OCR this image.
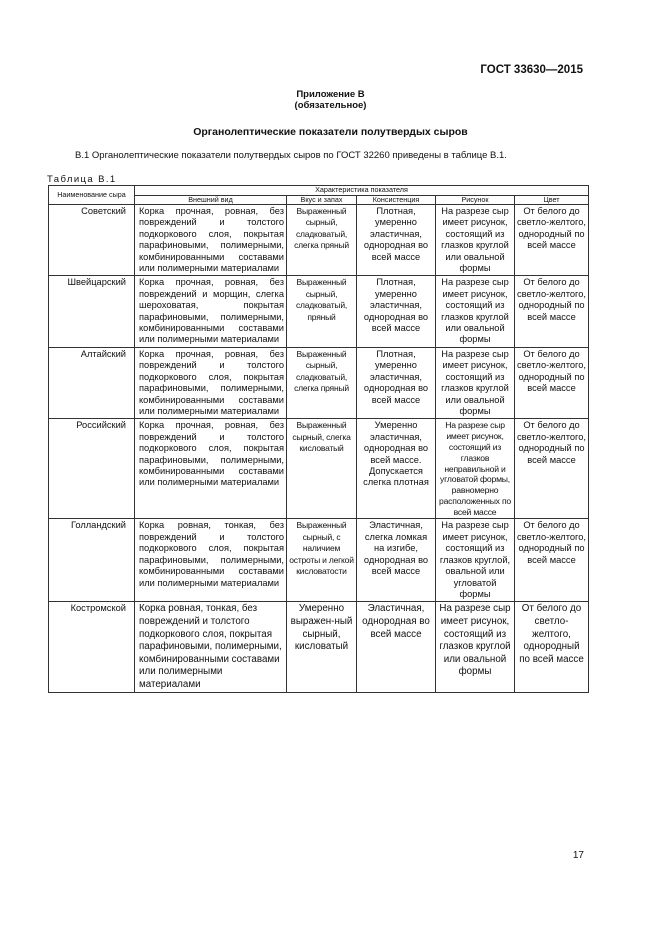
ГОСТ 33630—2015
Приложение В
(обязательное)
Органолептические показатели полутвердых сыров
В.1 Органолептические показатели полутвердых сыров по ГОСТ 32260 приведены в таблице В.1.
Таблица В.1
Наименование сыра	Характеристика показателя				
	Внешний вид	Вкус и запах	Консистенция	Рисунок	Цвет
Советский	Корка прочная, ровная, без повреждений и толстого подкоркового слоя, покрытая парафиновыми, полимерными, комбинированными составами или полимерными материалами	Выраженный сырный, сладковатый, слегка пряный	Плотная, умеренно эластичная, однородная во всей массе	На разрезе сыр имеет рисунок, состоящий из глазков круглой или овальной формы	От белого до светло-желтого, однородный по всей массе
Швейцарский	Корка прочная, ровная, без повреждений и морщин, слегка шероховатая, покрытая парафиновыми, полимерными, комбинированными составами или полимерными материалами	Выраженный сырный, сладковатый, пряный	Плотная, умеренно эластичная, однородная во всей массе	На разрезе сыр имеет рисунок, состоящий из глазков круглой или овальной формы	От белого до светло-желтого, однородный по всей массе
Алтайский	Корка прочная, ровная, без повреждений и толстого подкоркового слоя, покрытая парафиновыми, полимерными, комбинированными составами или полимерными материалами	Выраженный сырный, сладковатый, слегка пряный	Плотная, умеренно эластичная, однородная во всей массе	На разрезе сыр имеет рисунок, состоящий из глазков круглой или овальной формы	От белого до светло-желтого, однородный по всей массе
Российский	Корка прочная, ровная, без повреждений и толстого подкоркового слоя, покрытая парафиновыми, полимерными, комбинированными составами или полимерными материалами	Выраженный сырный, слегка кисловатый	Умеренно эластичная, однородная во всей массе. Допускается слегка плотная	На разрезе сыр имеет рисунок, состоящий из глазков неправильной и угловатой формы, равномерно расположенных по всей массе	От белого до светло-желтого, однородный по всей массе
Голландский	Корка ровная, тонкая, без повреждений и толстого подкоркового слоя, покрытая парафиновыми, полимерными, комбинированными составами или полимерными материалами	Выраженный сырный, с наличием остроты и легкой кисловатости	Эластичная, слегка ломкая на изгибе, однородная во всей массе	На разрезе сыр имеет рисунок, состоящий из глазков круглой, овальной или угловатой формы	От белого до светло-желтого, однородный по всей массе
Костромской	Корка ровная, тонкая, без повреждений и толстого подкоркового слоя, покрытая парафиновыми, полимерными, комбинированными составами или полимерными материалами	Умеренно выражен-ный сырный, кисловатый	Эластичная, однородная во всей массе	На разрезе сыр имеет рисунок, состоящий из глазков круглой или овальной формы	От белого до светло-желтого, однородный по всей массе
17
